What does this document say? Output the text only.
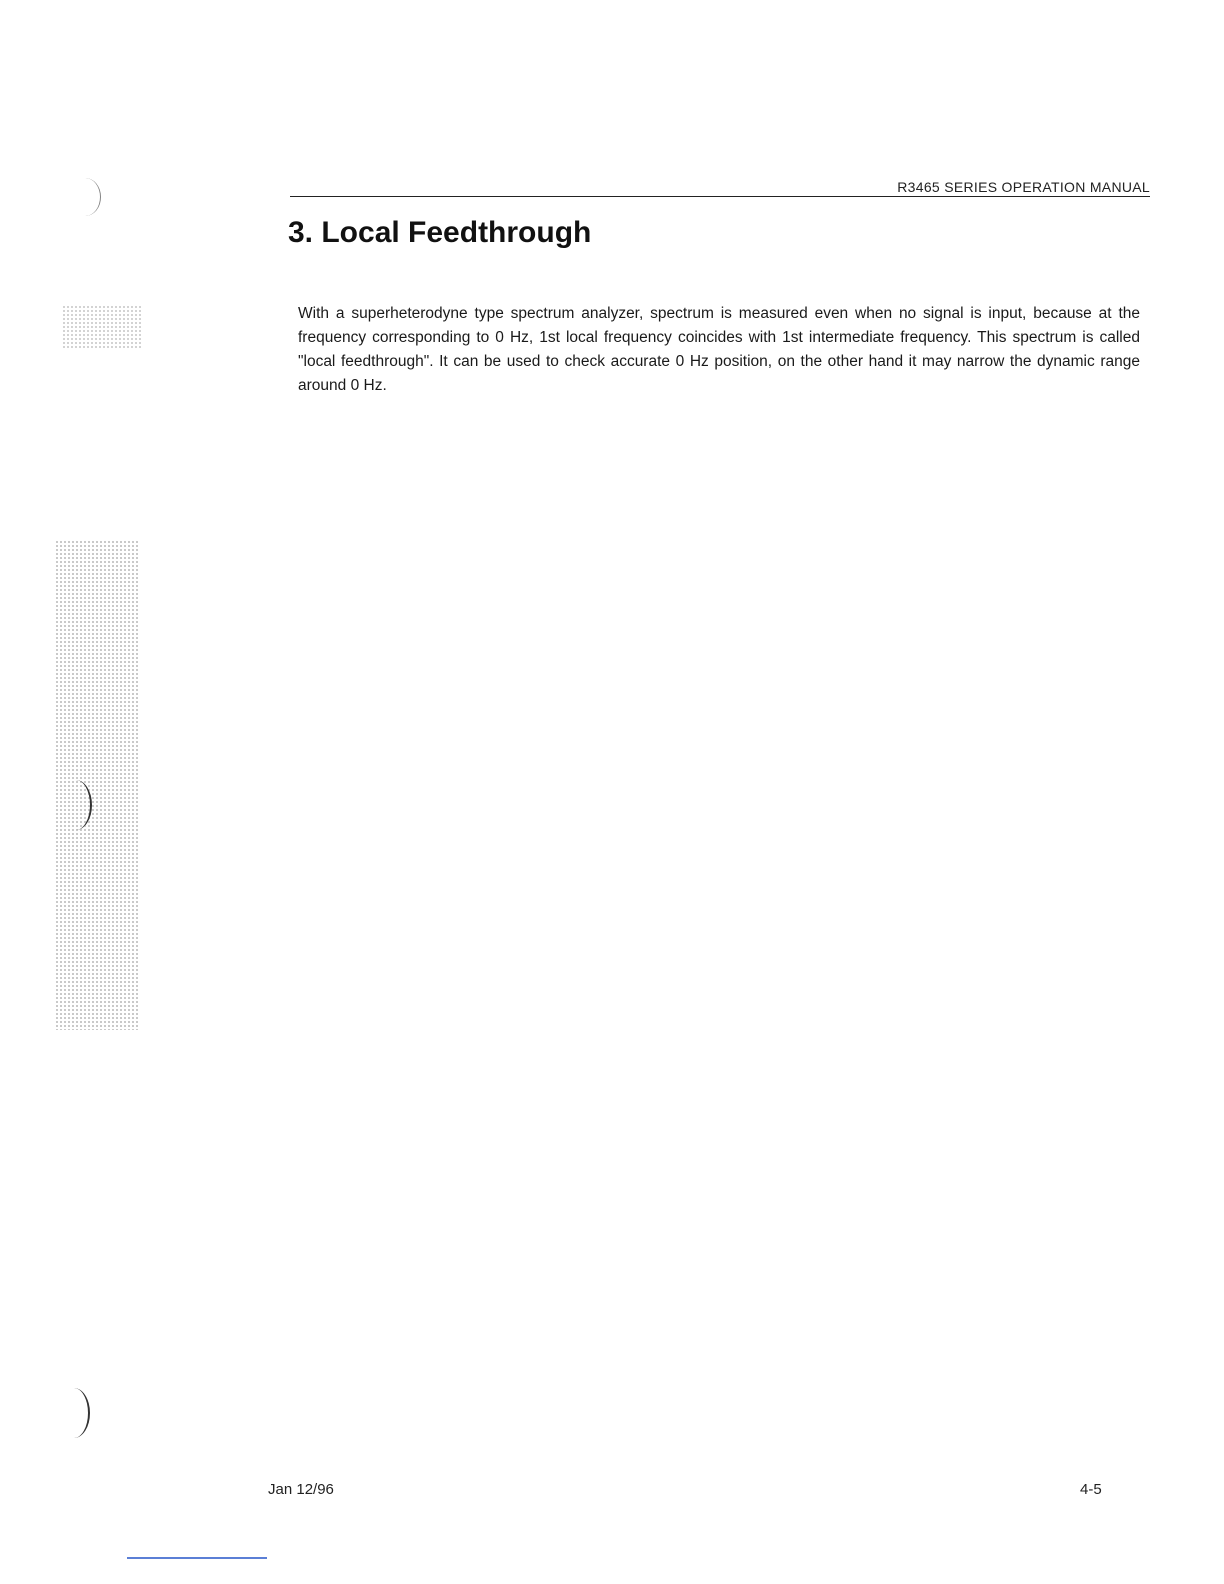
R3465 SERIES OPERATION MANUAL
3. Local Feedthrough

With a superheterodyne type spectrum analyzer, spectrum is measured even when no signal is input, because at the frequency corresponding to 0 Hz, 1st local frequency coincides with 1st intermediate frequency. This spectrum is called "local feedthrough". It can be used to check accurate 0 Hz position, on the other hand it may narrow the dynamic range around 0 Hz.

Jan 12/96	4-5
